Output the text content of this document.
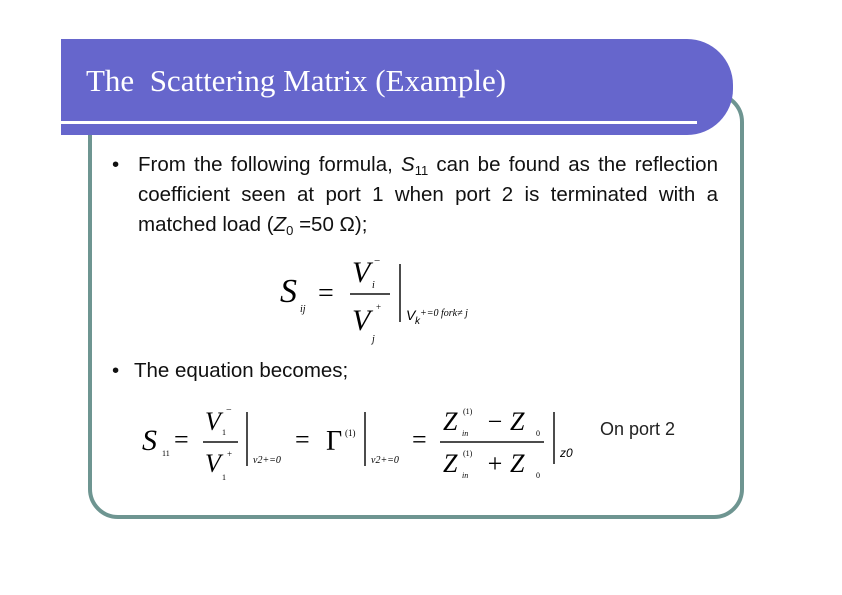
The  Scattering Matrix (Example)
• From the following formula, $S_{11}$ can be found as the reflection coefficient seen at port 1 when port 2 is terminated with a matched load ($Z_0 =50$ Ω);
S ij
=
V −
i
V +
j
V k
+=0 fork≠ j
• The equation becomes;
S 11 =
V −
1
V +
1
v2+=0
= Γ (1)
v2+=0
=
Z (1)
in − Z 0
Z (1)
in + Z 0
z0
On port 2
